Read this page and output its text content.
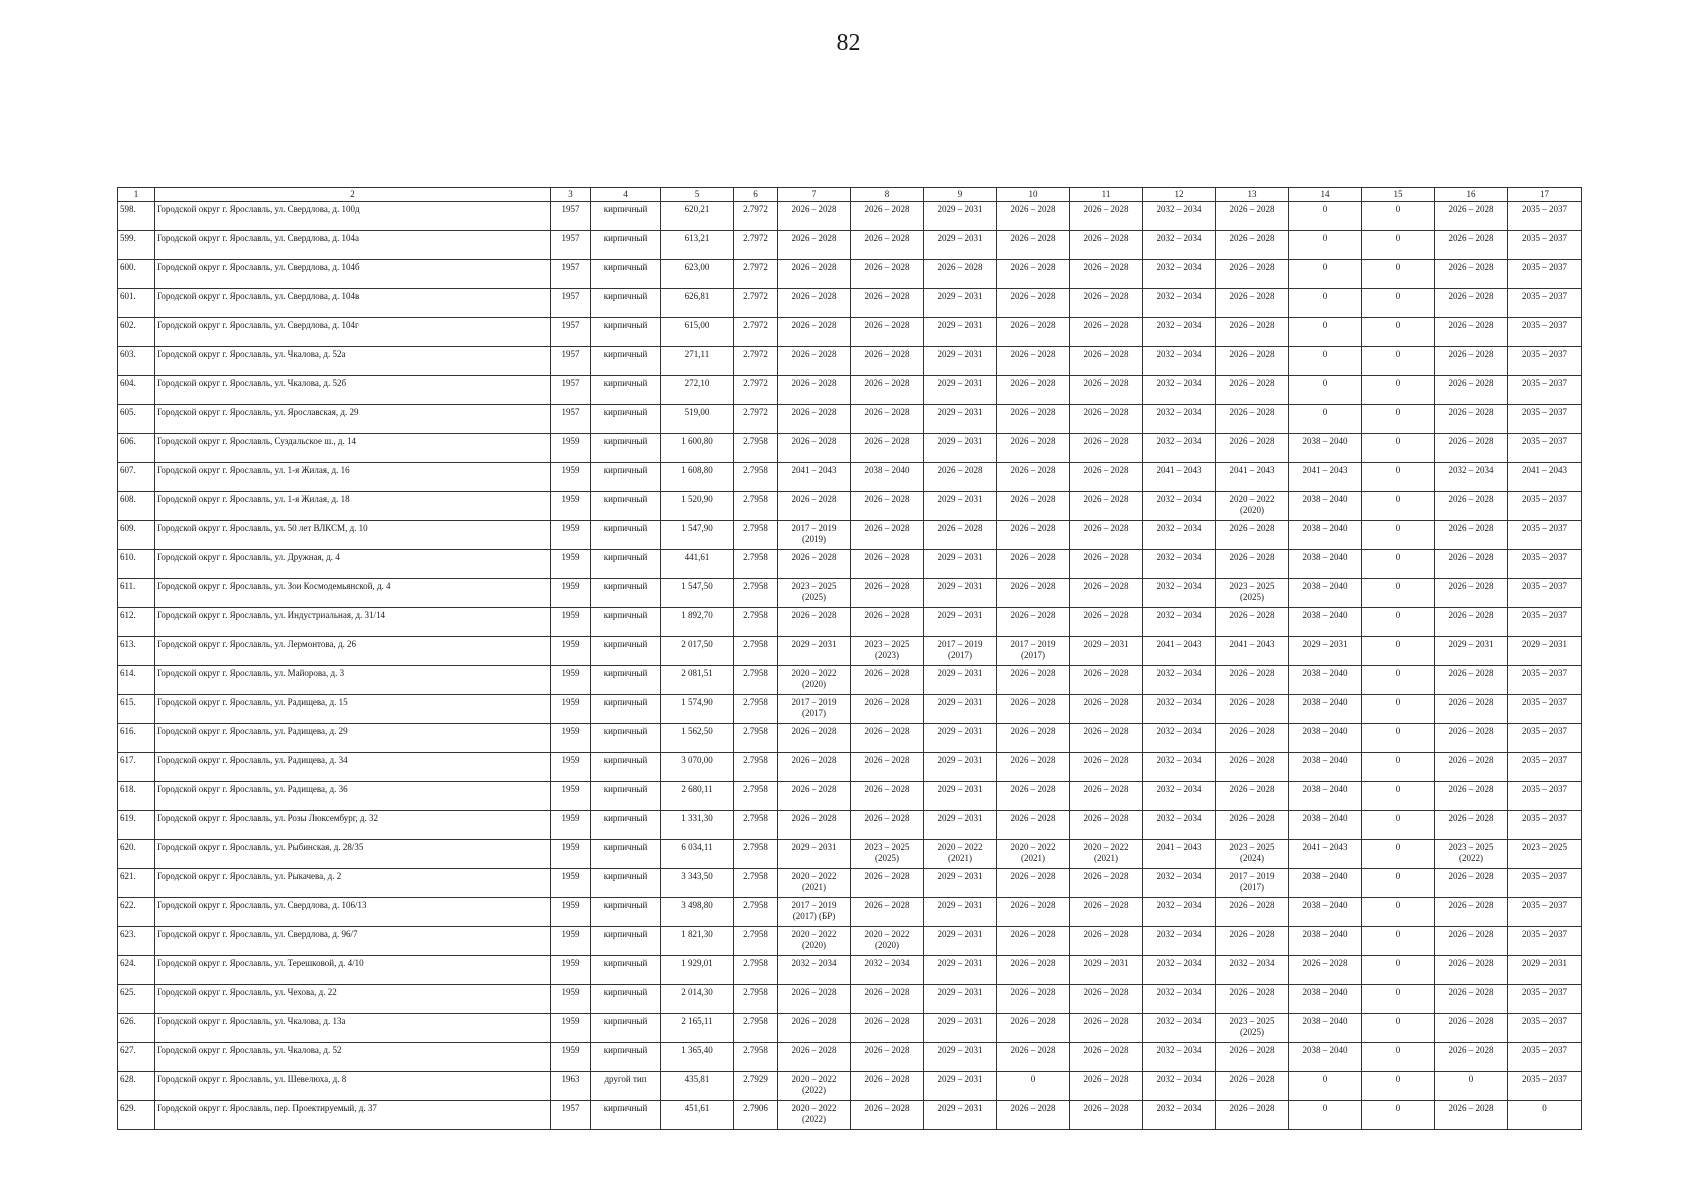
82
1	2	3	4	5	6	7	8	9	10	11	12	13	14	15	16	17
598.	Городской округ г. Ярославль, ул. Свердлова, д. 100д	1957	кирпичный	620,21	2.7972	2026 – 2028	2026 – 2028	2029 – 2031	2026 – 2028	2026 – 2028	2032 – 2034	2026 – 2028	0	0	2026 – 2028	2035 – 2037
599.	Городской округ г. Ярославль, ул. Свердлова, д. 104а	1957	кирпичный	613,21	2.7972	2026 – 2028	2026 – 2028	2029 – 2031	2026 – 2028	2026 – 2028	2032 – 2034	2026 – 2028	0	0	2026 – 2028	2035 – 2037
600.	Городской округ г. Ярославль, ул. Свердлова, д. 104б	1957	кирпичный	623,00	2.7972	2026 – 2028	2026 – 2028	2026 – 2028	2026 – 2028	2026 – 2028	2032 – 2034	2026 – 2028	0	0	2026 – 2028	2035 – 2037
601.	Городской округ г. Ярославль, ул. Свердлова, д. 104в	1957	кирпичный	626,81	2.7972	2026 – 2028	2026 – 2028	2029 – 2031	2026 – 2028	2026 – 2028	2032 – 2034	2026 – 2028	0	0	2026 – 2028	2035 – 2037
602.	Городской округ г. Ярославль, ул. Свердлова, д. 104г	1957	кирпичный	615,00	2.7972	2026 – 2028	2026 – 2028	2029 – 2031	2026 – 2028	2026 – 2028	2032 – 2034	2026 – 2028	0	0	2026 – 2028	2035 – 2037
603.	Городской округ г. Ярославль, ул. Чкалова, д. 52а	1957	кирпичный	271,11	2.7972	2026 – 2028	2026 – 2028	2029 – 2031	2026 – 2028	2026 – 2028	2032 – 2034	2026 – 2028	0	0	2026 – 2028	2035 – 2037
604.	Городской округ г. Ярославль, ул. Чкалова, д. 52б	1957	кирпичный	272,10	2.7972	2026 – 2028	2026 – 2028	2029 – 2031	2026 – 2028	2026 – 2028	2032 – 2034	2026 – 2028	0	0	2026 – 2028	2035 – 2037
605.	Городской округ г. Ярославль, ул. Ярославская, д. 29	1957	кирпичный	519,00	2.7972	2026 – 2028	2026 – 2028	2029 – 2031	2026 – 2028	2026 – 2028	2032 – 2034	2026 – 2028	0	0	2026 – 2028	2035 – 2037
606.	Городской округ г. Ярославль, Суздальское ш., д. 14	1959	кирпичный	1 600,80	2.7958	2026 – 2028	2026 – 2028	2029 – 2031	2026 – 2028	2026 – 2028	2032 – 2034	2026 – 2028	2038 – 2040	0	2026 – 2028	2035 – 2037
607.	Городской округ г. Ярославль, ул. 1-я Жилая, д. 16	1959	кирпичный	1 608,80	2.7958	2041 – 2043	2038 – 2040	2026 – 2028	2026 – 2028	2026 – 2028	2041 – 2043	2041 – 2043	2041 – 2043	0	2032 – 2034	2041 – 2043
608.	Городской округ г. Ярославль, ул. 1-я Жилая, д. 18	1959	кирпичный	1 520,90	2.7958	2026 – 2028	2026 – 2028	2029 – 2031	2026 – 2028	2026 – 2028	2032 – 2034	2020 – 2022
(2020)	2038 – 2040	0	2026 – 2028	2035 – 2037
609.	Городской округ г. Ярославль, ул. 50 лет ВЛКСМ, д. 10	1959	кирпичный	1 547,90	2.7958	2017 – 2019
(2019)	2026 – 2028	2026 – 2028	2026 – 2028	2026 – 2028	2032 – 2034	2026 – 2028	2038 – 2040	0	2026 – 2028	2035 – 2037
610.	Городской округ г. Ярославль, ул. Дружная, д. 4	1959	кирпичный	441,61	2.7958	2026 – 2028	2026 – 2028	2029 – 2031	2026 – 2028	2026 – 2028	2032 – 2034	2026 – 2028	2038 – 2040	0	2026 – 2028	2035 – 2037
611.	Городской округ г. Ярославль, ул. Зои Космодемьянской, д. 4	1959	кирпичный	1 547,50	2.7958	2023 – 2025
(2025)	2026 – 2028	2029 – 2031	2026 – 2028	2026 – 2028	2032 – 2034	2023 – 2025
(2025)	2038 – 2040	0	2026 – 2028	2035 – 2037
612.	Городской округ г. Ярославль, ул. Индустриальная, д. 31/14	1959	кирпичный	1 892,70	2.7958	2026 – 2028	2026 – 2028	2029 – 2031	2026 – 2028	2026 – 2028	2032 – 2034	2026 – 2028	2038 – 2040	0	2026 – 2028	2035 – 2037
613.	Городской округ г. Ярославль, ул. Лермонтова, д. 26	1959	кирпичный	2 017,50	2.7958	2029 – 2031	2023 – 2025
(2023)	2017 – 2019
(2017)	2017 – 2019
(2017)	2029 – 2031	2041 – 2043	2041 – 2043	2029 – 2031	0	2029 – 2031	2029 – 2031
614.	Городской округ г. Ярославль, ул. Майорова, д. 3	1959	кирпичный	2 081,51	2.7958	2020 – 2022
(2020)	2026 – 2028	2029 – 2031	2026 – 2028	2026 – 2028	2032 – 2034	2026 – 2028	2038 – 2040	0	2026 – 2028	2035 – 2037
615.	Городской округ г. Ярославль, ул. Радищева, д. 15	1959	кирпичный	1 574,90	2.7958	2017 – 2019
(2017)	2026 – 2028	2029 – 2031	2026 – 2028	2026 – 2028	2032 – 2034	2026 – 2028	2038 – 2040	0	2026 – 2028	2035 – 2037
616.	Городской округ г. Ярославль, ул. Радищева, д. 29	1959	кирпичный	1 562,50	2.7958	2026 – 2028	2026 – 2028	2029 – 2031	2026 – 2028	2026 – 2028	2032 – 2034	2026 – 2028	2038 – 2040	0	2026 – 2028	2035 – 2037
617.	Городской округ г. Ярославль, ул. Радищева, д. 34	1959	кирпичный	3 070,00	2.7958	2026 – 2028	2026 – 2028	2029 – 2031	2026 – 2028	2026 – 2028	2032 – 2034	2026 – 2028	2038 – 2040	0	2026 – 2028	2035 – 2037
618.	Городской округ г. Ярославль, ул. Радищева, д. 36	1959	кирпичный	2 680,11	2.7958	2026 – 2028	2026 – 2028	2029 – 2031	2026 – 2028	2026 – 2028	2032 – 2034	2026 – 2028	2038 – 2040	0	2026 – 2028	2035 – 2037
619.	Городской округ г. Ярославль, ул. Розы Люксембург, д. 32	1959	кирпичный	1 331,30	2.7958	2026 – 2028	2026 – 2028	2029 – 2031	2026 – 2028	2026 – 2028	2032 – 2034	2026 – 2028	2038 – 2040	0	2026 – 2028	2035 – 2037
620.	Городской округ г. Ярославль, ул. Рыбинская, д. 28/35	1959	кирпичный	6 034,11	2.7958	2029 – 2031	2023 – 2025
(2025)	2020 – 2022
(2021)	2020 – 2022
(2021)	2020 – 2022
(2021)	2041 – 2043	2023 – 2025
(2024)	2041 – 2043	0	2023 – 2025
(2022)	2023 – 2025
621.	Городской округ г. Ярославль, ул. Рыкачева, д. 2	1959	кирпичный	3 343,50	2.7958	2020 – 2022
(2021)	2026 – 2028	2029 – 2031	2026 – 2028	2026 – 2028	2032 – 2034	2017 – 2019
(2017)	2038 – 2040	0	2026 – 2028	2035 – 2037
622.	Городской округ г. Ярославль, ул. Свердлова, д. 106/13	1959	кирпичный	3 498,80	2.7958	2017 – 2019
(2017) (БР)	2026 – 2028	2029 – 2031	2026 – 2028	2026 – 2028	2032 – 2034	2026 – 2028	2038 – 2040	0	2026 – 2028	2035 – 2037
623.	Городской округ г. Ярославль, ул. Свердлова, д. 96/7	1959	кирпичный	1 821,30	2.7958	2020 – 2022
(2020)	2020 – 2022
(2020)	2029 – 2031	2026 – 2028	2026 – 2028	2032 – 2034	2026 – 2028	2038 – 2040	0	2026 – 2028	2035 – 2037
624.	Городской округ г. Ярославль, ул. Терешковой, д. 4/10	1959	кирпичный	1 929,01	2.7958	2032 – 2034	2032 – 2034	2029 – 2031	2026 – 2028	2029 – 2031	2032 – 2034	2032 – 2034	2026 – 2028	0	2026 – 2028	2029 – 2031
625.	Городской округ г. Ярославль, ул. Чехова, д. 22	1959	кирпичный	2 014,30	2.7958	2026 – 2028	2026 – 2028	2029 – 2031	2026 – 2028	2026 – 2028	2032 – 2034	2026 – 2028	2038 – 2040	0	2026 – 2028	2035 – 2037
626.	Городской округ г. Ярославль, ул. Чкалова, д. 13а	1959	кирпичный	2 165,11	2.7958	2026 – 2028	2026 – 2028	2029 – 2031	2026 – 2028	2026 – 2028	2032 – 2034	2023 – 2025
(2025)	2038 – 2040	0	2026 – 2028	2035 – 2037
627.	Городской округ г. Ярославль, ул. Чкалова, д. 52	1959	кирпичный	1 365,40	2.7958	2026 – 2028	2026 – 2028	2029 – 2031	2026 – 2028	2026 – 2028	2032 – 2034	2026 – 2028	2038 – 2040	0	2026 – 2028	2035 – 2037
628.	Городской округ г. Ярославль, ул. Шевелюха, д. 8	1963	другой тип	435,81	2.7929	2020 – 2022
(2022)	2026 – 2028	2029 – 2031	0	2026 – 2028	2032 – 2034	2026 – 2028	0	0	0	2035 – 2037
629.	Городской округ г. Ярославль, пер. Проектируемый, д. 37	1957	кирпичный	451,61	2.7906	2020 – 2022
(2022)	2026 – 2028	2029 – 2031	2026 – 2028	2026 – 2028	2032 – 2034	2026 – 2028	0	0	2026 – 2028	0
